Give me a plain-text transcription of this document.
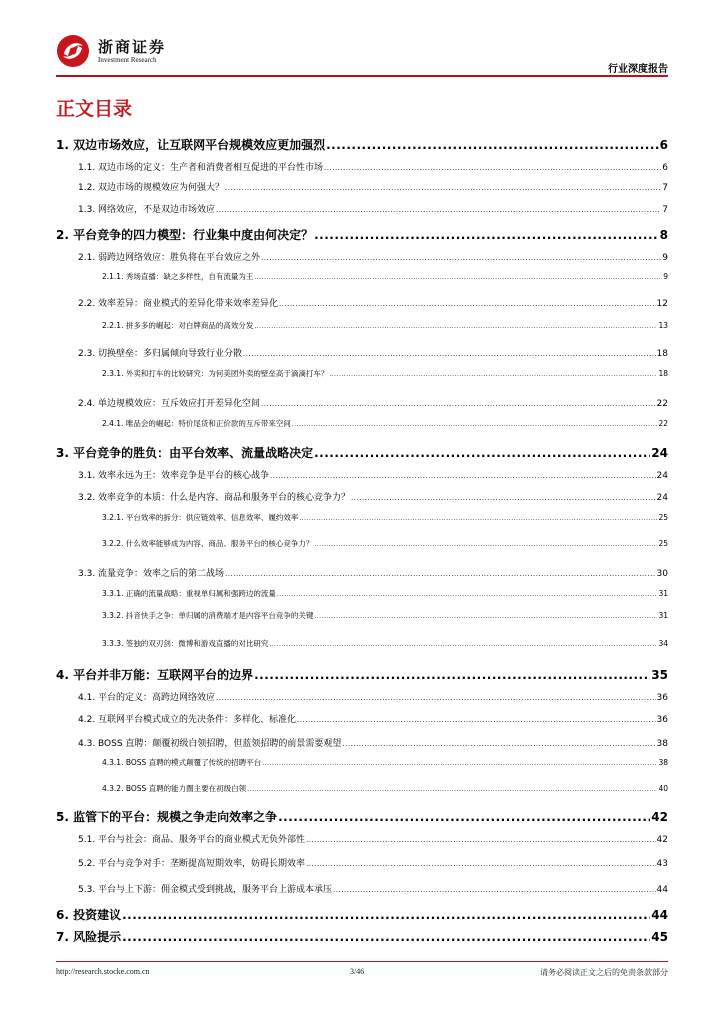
浙商证券
Investment Research
行业深度报告
正文目录
1. 双边市场效应，让互联网平台规模效应更加强烈 .....	6
1.1. 双边市场的定义：生产者和消费者相互促进的平台性市场 .....	6
1.2. 双边市场的规模效应为何强大？ .....	7
1.3. 网络效应，不是双边市场效应 .....	7
2. 平台竞争的四力模型：行业集中度由何决定？ .....	8
2.1. 弱跨边网络效应：胜负将在平台效应之外 .....	9
2.1.1. 秀场直播：缺之多样性，自有流量为王 .....	9
2.2. 效率差异：商业模式的差异化带来效率差异化 .....	12
2.2.1. 拼多多的崛起：对白牌商品的高效分发 .....	13
2.3. 切换壁垒：多归属倾向导致行业分散 .....	18
2.3.1. 外卖和打车的比较研究：为何美团外卖的壁垒高于滴滴打车？ .....	18
2.4. 单边规模效应：互斥效应打开差异化空间 .....	22
2.4.1. 唯品会的崛起：特价尾货和正价款的互斥带来空间 .....	22
3. 平台竞争的胜负：由平台效率、流量战略决定 .....	24
3.1. 效率永远为王：效率竞争是平台的核心战争 .....	24
3.2. 效率竞争的本质：什么是内容、商品和服务平台的核心竞争力？ .....	24
3.2.1. 平台效率的拆分：供应链效率、信息效率、履约效率 .....	25
3.2.2. 什么效率能够成为内容、商品、服务平台的核心竞争力？ .....	25
3.3. 流量竞争：效率之后的第二战场 .....	30
3.3.1. 正确的流量战略：重视单归属和强跨边的流量 .....	31
3.3.2. 抖音快手之争：单归属的消费端才是内容平台竞争的关键 .....	31
3.3.3. 签独的双刃剑：微博和游戏直播的对比研究 .....	34
4. 平台并非万能：互联网平台的边界 .....	35
4.1. 平台的定义：高跨边网络效应 .....	36
4.2. 互联网平台模式成立的先决条件：多样化、标准化 .....	36
4.3. BOSS 直聘：颠覆初级白领招聘，但蓝领招聘的前景需要观望 .....	38
4.3.1. BOSS 直聘的模式颠覆了传统的招聘平台 .....	38
4.3.2. BOSS 直聘的能力圈主要在初级白领 .....	40
5. 监管下的平台：规模之争走向效率之争 .....	42
5.1. 平台与社会：商品、服务平台的商业模式无负外部性 .....	42
5.2. 平台与竞争对手：垄断提高短期效率，妨碍长期效率 .....	43
5.3. 平台与上下游：佣金模式受到挑战，服务平台上游成本承压 .....	44
6. 投资建议 .....	44
7. 风险提示 .....	45
http://research.stocke.com.cn	3/46	请务必阅读正文之后的免责条款部分
